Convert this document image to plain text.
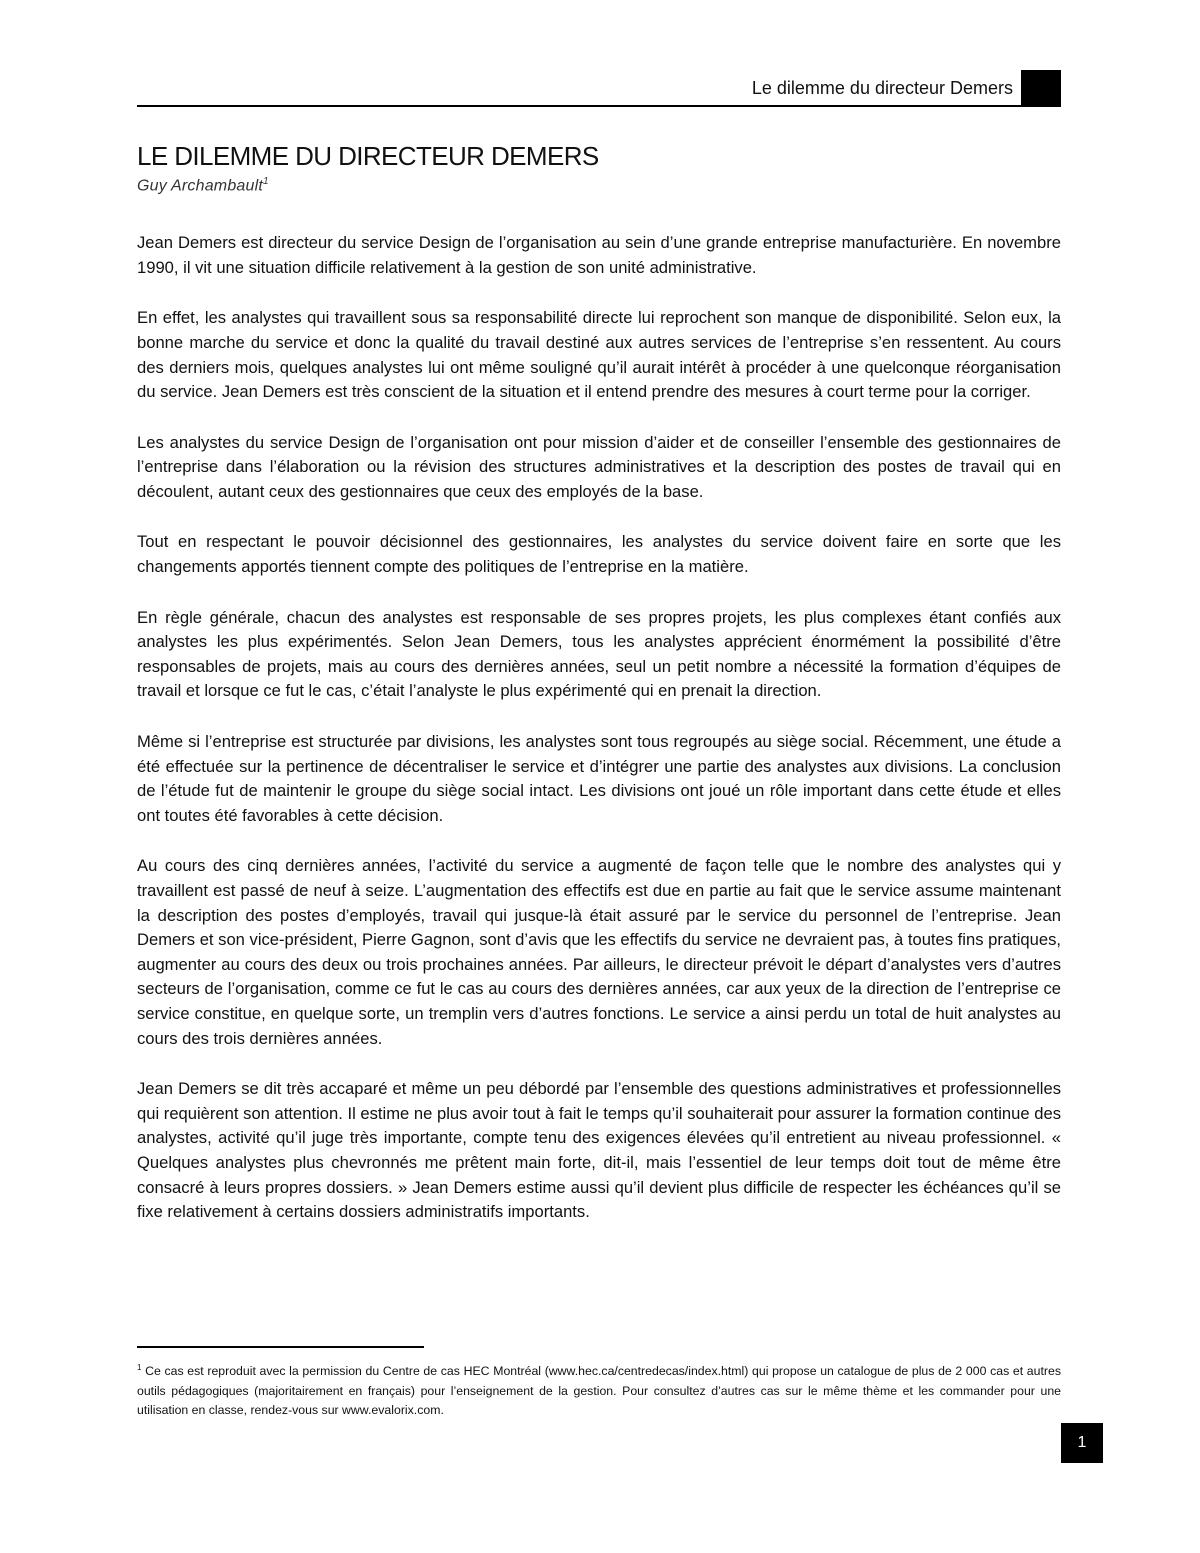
Le dilemme du directeur Demers
LE DILEMME DU DIRECTEUR DEMERS
Guy Archambault$^1$

Jean Demers est directeur du service Design de l’organisation au sein d’une grande entreprise manufacturière. En novembre 1990, il vit une situation difficile relativement à la gestion de son unité administrative.

En effet, les analystes qui travaillent sous sa responsabilité directe lui reprochent son manque de disponibilité. Selon eux, la bonne marche du service et donc la qualité du travail destiné aux autres services de l’entreprise s’en ressentent. Au cours des derniers mois, quelques analystes lui ont même souligné qu’il aurait intérêt à procéder à une quelconque réorganisation du service. Jean Demers est très conscient de la situation et il entend prendre des mesures à court terme pour la corriger.

Les analystes du service Design de l’organisation ont pour mission d’aider et de conseiller l’ensemble des gestionnaires de l’entreprise dans l’élaboration ou la révision des structures administratives et la description des postes de travail qui en découlent, autant ceux des gestionnaires que ceux des employés de la base.

Tout en respectant le pouvoir décisionnel des gestionnaires, les analystes du service doivent faire en sorte que les changements apportés tiennent compte des politiques de l’entreprise en la matière.

En règle générale, chacun des analystes est responsable de ses propres projets, les plus complexes étant confiés aux analystes les plus expérimentés. Selon Jean Demers, tous les analystes apprécient énormément la possibilité d’être responsables de projets, mais au cours des dernières années, seul un petit nombre a nécessité la formation d’équipes de travail et lorsque ce fut le cas, c’était l’analyste le plus expérimenté qui en prenait la direction.

Même si l’entreprise est structurée par divisions, les analystes sont tous regroupés au siège social. Récemment, une étude a été effectuée sur la pertinence de décentraliser le service et d’intégrer une partie des analystes aux divisions. La conclusion de l’étude fut de maintenir le groupe du siège social intact. Les divisions ont joué un rôle important dans cette étude et elles ont toutes été favorables à cette décision.

Au cours des cinq dernières années, l’activité du service a augmenté de façon telle que le nombre des analystes qui y travaillent est passé de neuf à seize. L’augmentation des effectifs est due en partie au fait que le service assume maintenant la description des postes d’employés, travail qui jusque-là était assuré par le service du personnel de l’entreprise. Jean Demers et son vice-président, Pierre Gagnon, sont d’avis que les effectifs du service ne devraient pas, à toutes fins pratiques, augmenter au cours des deux ou trois prochaines années. Par ailleurs, le directeur prévoit le départ d’analystes vers d’autres secteurs de l’organisation, comme ce fut le cas au cours des dernières années, car aux yeux de la direction de l’entreprise ce service constitue, en quelque sorte, un tremplin vers d’autres fonctions. Le service a ainsi perdu un total de huit analystes au cours des trois dernières années.

Jean Demers se dit très accaparé et même un peu débordé par l’ensemble des questions administratives et professionnelles qui requièrent son attention. Il estime ne plus avoir tout à fait le temps qu’il souhaiterait pour assurer la formation continue des analystes, activité qu’il juge très importante, compte tenu des exigences élevées qu’il entretient au niveau professionnel. « Quelques analystes plus chevronnés me prêtent main forte, dit-il, mais l’essentiel de leur temps doit tout de même être consacré à leurs propres dossiers. » Jean Demers estime aussi qu’il devient plus difficile de respecter les échéances qu’il se fixe relativement à certains dossiers administratifs importants.

$^1$ Ce cas est reproduit avec la permission du Centre de cas HEC Montréal (www.hec.ca/centredecas/index.html) qui propose un catalogue de plus de 2 000 cas et autres outils pédagogiques (majoritairement en français) pour l’enseignement de la gestion. Pour consultez d’autres cas sur le même thème et les commander pour une utilisation en classe, rendez-vous sur www.evalorix.com.
1
